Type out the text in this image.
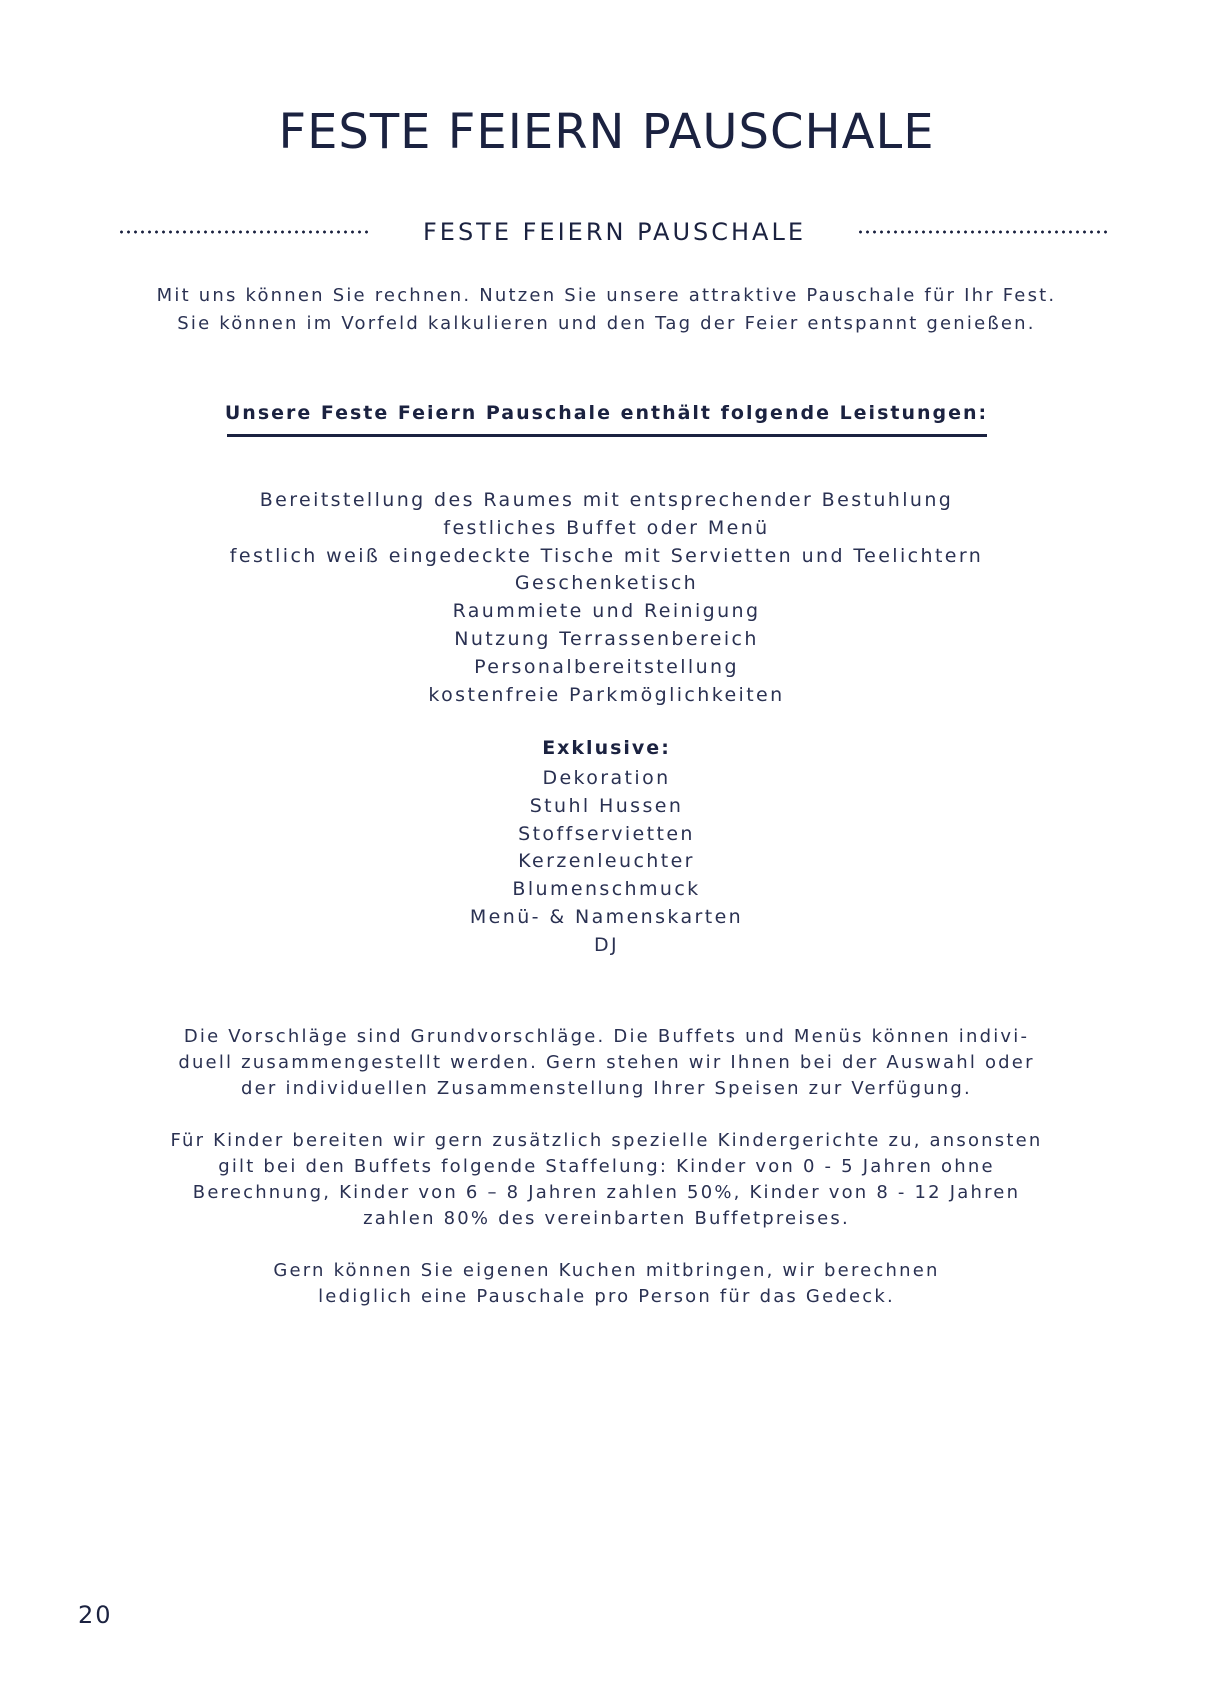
FESTE FEIERN PAUSCHALE
FESTE FEIERN PAUSCHALE
Mit uns können Sie rechnen. Nutzen Sie unsere attraktive Pauschale für Ihr Fest.
Sie können im Vorfeld kalkulieren und den Tag der Feier entspannt genießen.
Unsere Feste Feiern Pauschale enthält folgende Leistungen:
Bereitstellung des Raumes mit entsprechender Bestuhlung
festliches Buffet oder Menü
festlich weiß eingedeckte Tische mit Servietten und Teelichtern
Geschenketisch
Raummiete und Reinigung
Nutzung Terrassenbereich
Personalbereitstellung
kostenfreie Parkmöglichkeiten
Exklusive:
Dekoration
Stuhl Hussen
Stoffservietten
Kerzenleuchter
Blumenschmuck
Menü- & Namenskarten
DJ
Die Vorschläge sind Grundvorschläge. Die Buffets und Menüs können indivi-
duell zusammengestellt werden. Gern stehen wir Ihnen bei der Auswahl oder
der individuellen Zusammenstellung Ihrer Speisen zur Verfügung.
Für Kinder bereiten wir gern zusätzlich spezielle Kindergerichte zu, ansonsten
gilt bei den Buffets folgende Staffelung: Kinder von 0 - 5 Jahren ohne
Berechnung, Kinder von 6 – 8 Jahren zahlen 50%, Kinder von 8 - 12 Jahren
zahlen 80% des vereinbarten Buffetpreises.
Gern können Sie eigenen Kuchen mitbringen, wir berechnen
lediglich eine Pauschale pro Person für das Gedeck.
20
